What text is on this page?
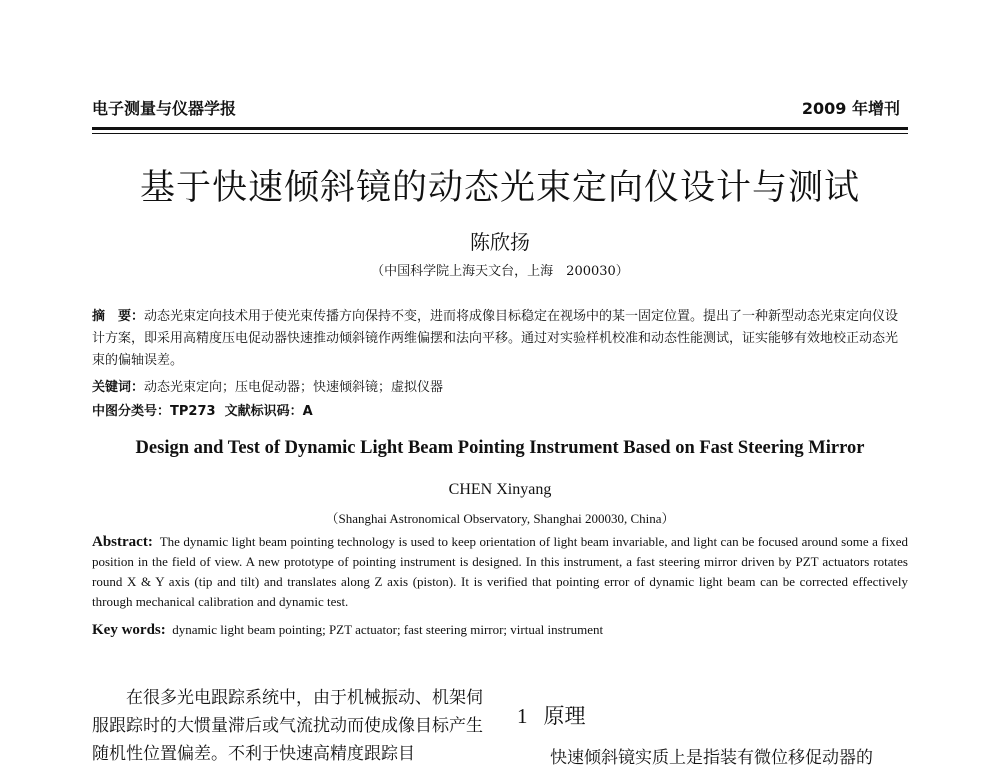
电子测量与仪器学报	2009 年增刊
基于快速倾斜镜的动态光束定向仪设计与测试
陈欣扬
（中国科学院上海天文台，上海　200030）
摘　要：动态光束定向技术用于使光束传播方向保持不变，进而将成像目标稳定在视场中的某一固定位置。提出了一种新型动态光束定向仪设计方案，即采用高精度压电促动器快速推动倾斜镜作两维偏摆和法向平移。通过对实验样机校准和动态性能测试，证实能够有效地校正动态光束的偏轴误差。
关键词：动态光束定向；压电促动器；快速倾斜镜；虚拟仪器
中图分类号：TP273 文献标识码：A
Design and Test of Dynamic Light Beam Pointing Instrument Based on Fast Steering Mirror
CHEN Xinyang
（Shanghai Astronomical Observatory, Shanghai 200030, China）
Abstract: The dynamic light beam pointing technology is used to keep orientation of light beam invariable, and light can be focused around some a fixed position in the field of view. A new prototype of pointing instrument is designed. In this instrument, a fast steering mirror driven by PZT actuators rotates round X & Y axis (tip and tilt) and translates along Z axis (piston). It is verified that pointing error of dynamic light beam can be corrected effectively through mechanical calibration and dynamic test.
Key words: dynamic light beam pointing; PZT actuator; fast steering mirror; virtual instrument

在很多光电跟踪系统中，由于机械振动、机架伺服跟踪时的大惯量滞后或气流扰动而使成像目标产生随机性位置偏差。不利于快速高精度跟踪目

1 原理
快速倾斜镜实质上是指装有微位移促动器的
